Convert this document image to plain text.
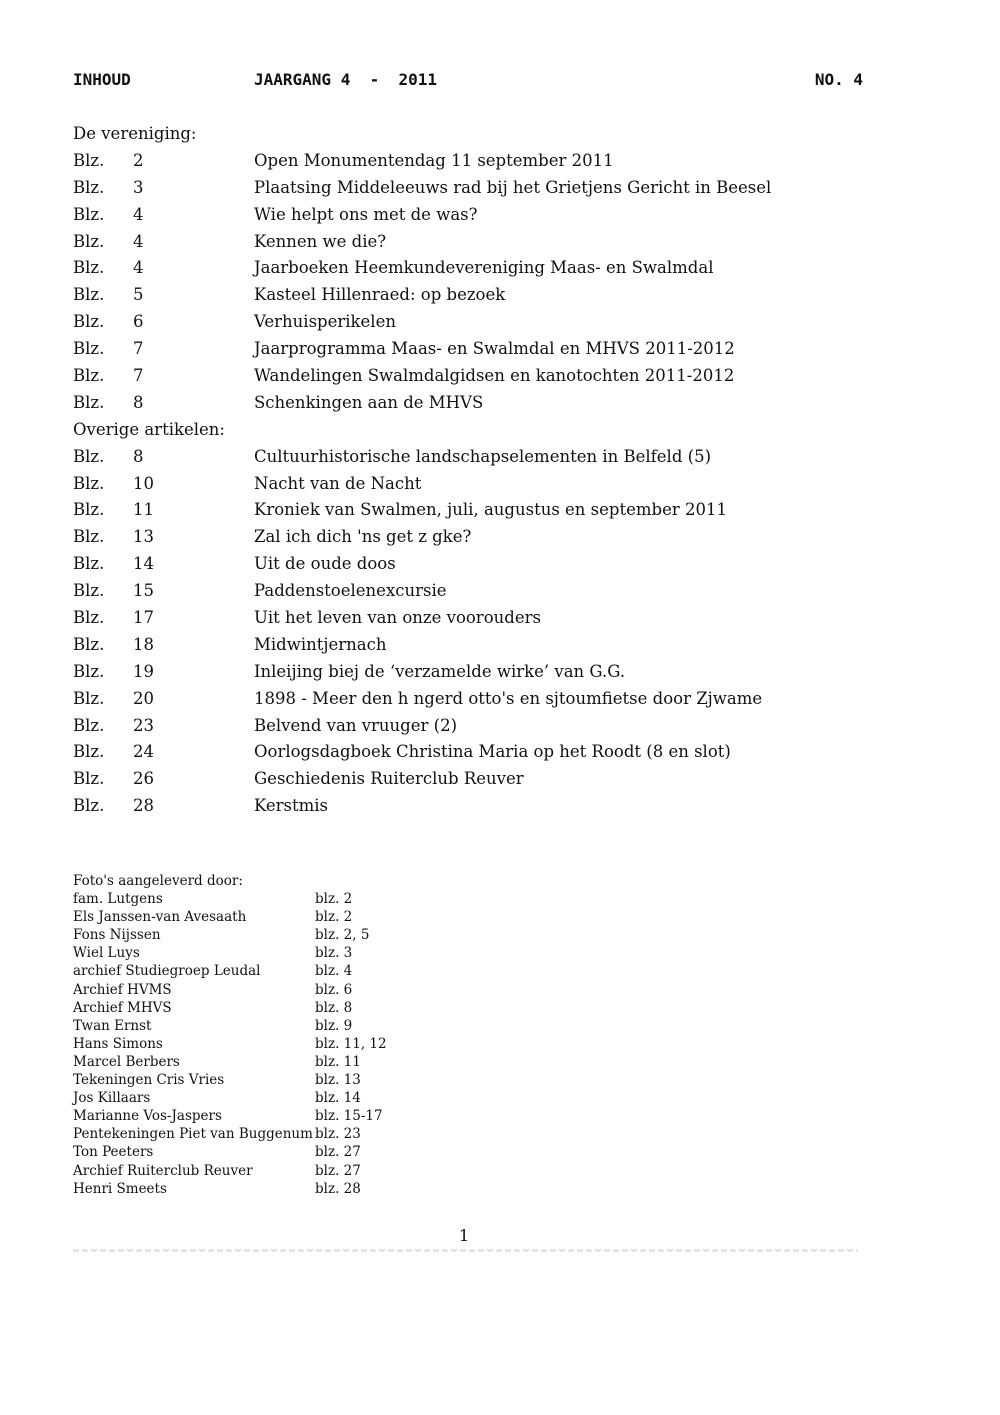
INHOUD	JAARGANG 4  -  2011	NO. 4
De vereniging:
Blz. 2	Open Monumentendag 11 september 2011
Blz. 3	Plaatsing Middeleeuws rad bij het Grietjens Gericht in Beesel
Blz. 4	Wie helpt ons met de was?
Blz. 4	Kennen we die?
Blz. 4	Jaarboeken Heemkundevereniging Maas- en Swalmdal
Blz. 5	Kasteel Hillenraed: op bezoek
Blz. 6	Verhuisperikelen
Blz. 7	Jaarprogramma Maas- en Swalmdal en MHVS 2011-2012
Blz. 7	Wandelingen Swalmdalgidsen en kanotochten 2011-2012
Blz. 8	Schenkingen aan de MHVS
Overige artikelen:
Blz. 8	Cultuurhistorische landschapselementen in Belfeld (5)
Blz. 10	Nacht van de Nacht
Blz. 11	Kroniek van Swalmen, juli, augustus en september 2011
Blz. 13	Zal ich dich 'ns get z gke?
Blz. 14	Uit de oude doos
Blz. 15	Paddenstoelenexcursie
Blz. 17	Uit het leven van onze voorouders
Blz. 18	Midwintjernach
Blz. 19	Inleijing biej de ‘verzamelde wirke’ van G.G.
Blz. 20	1898 - Meer den h ngerd otto's en sjtoumfietse door Zjwame
Blz. 23	Belvend van vruuger (2)
Blz. 24	Oorlogsdagboek Christina Maria op het Roodt (8 en slot)
Blz. 26	Geschiedenis Ruiterclub Reuver
Blz. 28	Kerstmis
Foto's aangeleverd door:
fam. Lutgens	blz. 2
Els Janssen-van Avesaath	blz. 2
Fons Nijssen	blz. 2, 5
Wiel Luys	blz. 3
archief Studiegroep Leudal	blz. 4
Archief HVMS	blz. 6
Archief MHVS	blz. 8
Twan Ernst	blz. 9
Hans Simons	blz. 11, 12
Marcel Berbers	blz. 11
Tekeningen Cris Vries	blz. 13
Jos Killaars	blz. 14
Marianne Vos-Jaspers	blz. 15-17
Pentekeningen Piet van Buggenum blz. 23
Ton Peeters	blz. 27
Archief Ruiterclub Reuver	blz. 27
Henri Smeets	blz. 28
1
